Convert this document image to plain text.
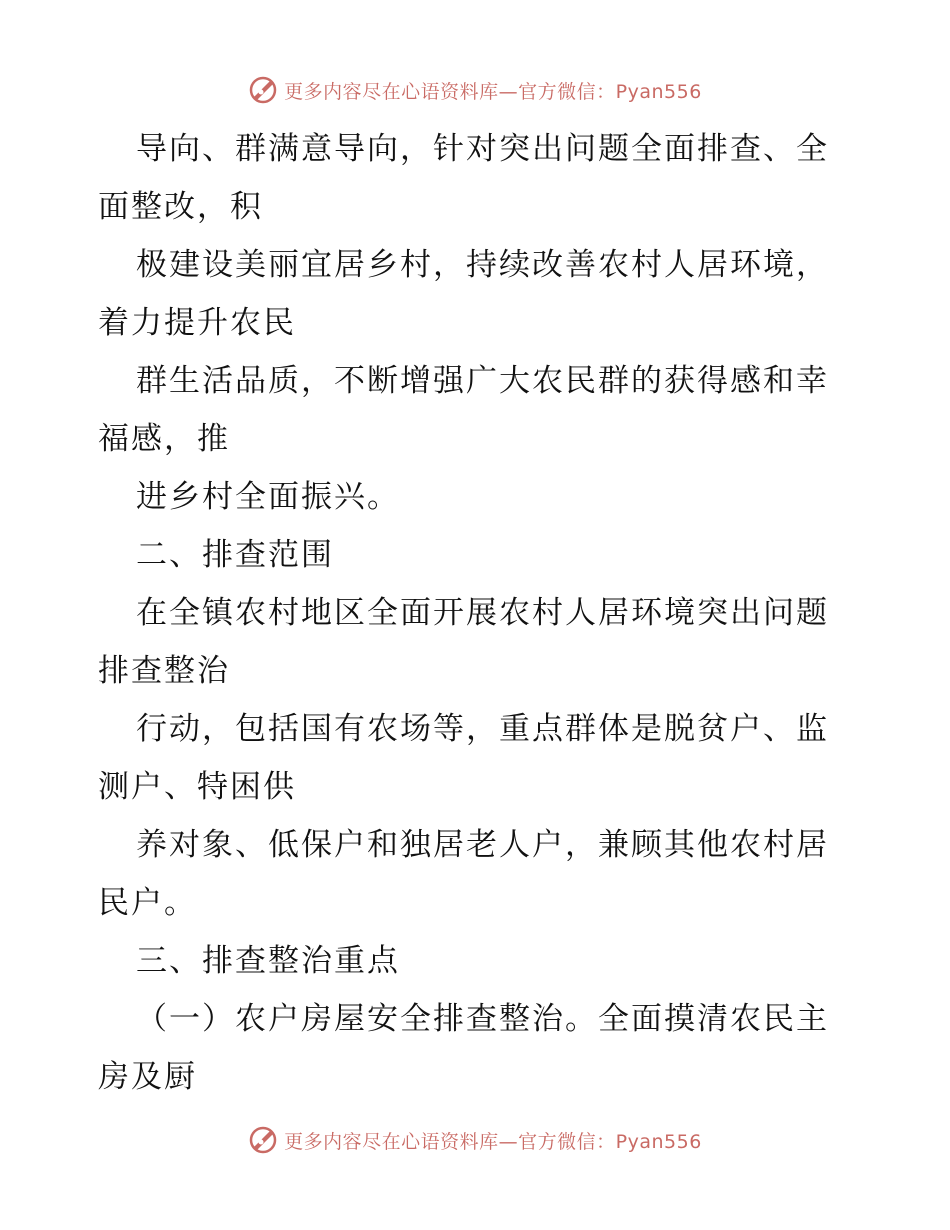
更多内容尽在心语资料库—官方微信：Pyan556
导向、群满意导向，针对突出问题全面排查、全
面整改，积
极建设美丽宜居乡村，持续改善农村人居环境，
着力提升农民
群生活品质，不断增强广大农民群的获得感和幸
福感，推
进乡村全面振兴。
二、排查范围
在全镇农村地区全面开展农村人居环境突出问题
排查整治
行动，包括国有农场等，重点群体是脱贫户、监
测户、特困供
养对象、低保户和独居老人户，兼顾其他农村居
民户。
三、排查整治重点
（一）农户房屋安全排查整治。全面摸清农民主
房及厨
更多内容尽在心语资料库—官方微信：Pyan556
